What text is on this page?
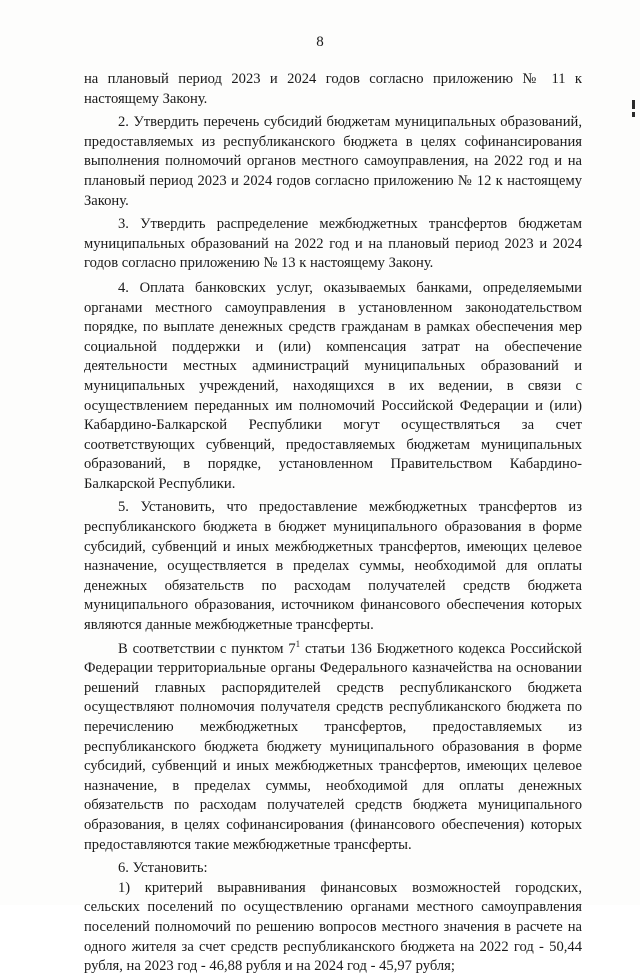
8

на плановый период 2023 и 2024 годов согласно приложению № 11 к настоящему Закону.

2. Утвердить перечень субсидий бюджетам муниципальных образований, предоставляемых из республиканского бюджета в целях софинансирования выполнения полномочий органов местного самоуправления, на 2022 год и на плановый период 2023 и 2024 годов согласно приложению № 12 к настоящему Закону.

3. Утвердить распределение межбюджетных трансфертов бюджетам муниципальных образований на 2022 год и на плановый период 2023 и 2024 годов согласно приложению № 13 к настоящему Закону.

4. Оплата банковских услуг, оказываемых банками, определяемыми органами местного самоуправления в установленном законодательством порядке, по выплате денежных средств гражданам в рамках обеспечения мер социальной поддержки и (или) компенсация затрат на обеспечение деятельности местных администраций муниципальных образований и муниципальных учреждений, находящихся в их ведении, в связи с осуществлением переданных им полномочий Российской Федерации и (или) Кабардино-Балкарской Республики могут осуществляться за счет соответствующих субвенций, предоставляемых бюджетам муниципальных образований, в порядке, установленном Правительством Кабардино-Балкарской Республики.

5. Установить, что предоставление межбюджетных трансфертов из республиканского бюджета в бюджет муниципального образования в форме субсидий, субвенций и иных межбюджетных трансфертов, имеющих целевое назначение, осуществляется в пределах суммы, необходимой для оплаты денежных обязательств по расходам получателей средств бюджета муниципального образования, источником финансового обеспечения которых являются данные межбюджетные трансферты.

В соответствии с пунктом $7^1$ статьи 136 Бюджетного кодекса Российской Федерации территориальные органы Федерального казначейства на основании решений главных распорядителей средств республиканского бюджета осуществляют полномочия получателя средств республиканского бюджета по перечислению межбюджетных трансфертов, предоставляемых из республиканского бюджета бюджету муниципального образования в форме субсидий, субвенций и иных межбюджетных трансфертов, имеющих целевое назначение, в пределах суммы, необходимой для оплаты денежных обязательств по расходам получателей средств бюджета муниципального образования, в целях софинансирования (финансового обеспечения) которых предоставляются такие межбюджетные трансферты.

6. Установить:

1) критерий выравнивания финансовых возможностей городских, сельских поселений по осуществлению органами местного самоуправления поселений полномочий по решению вопросов местного значения в расчете на одного жителя за счет средств республиканского бюджета на 2022 год - 50,44 рубля, на 2023 год - 46,88 рубля и на 2024 год - 45,97 рубля;
